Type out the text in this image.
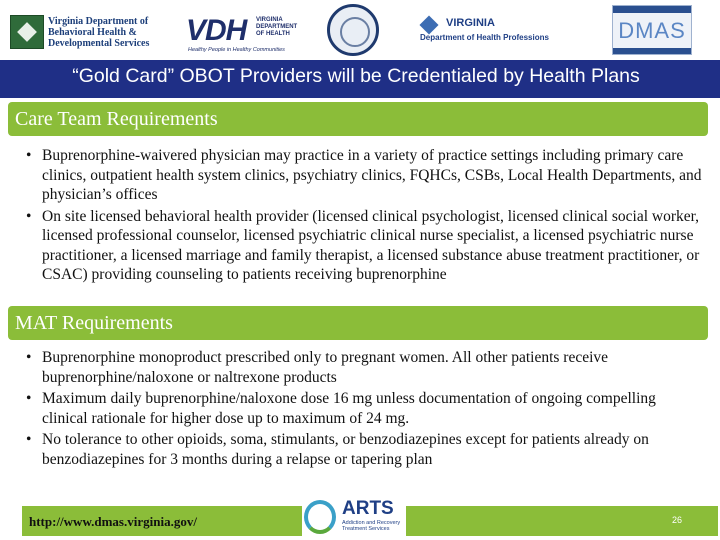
Virginia Department of
Behavioral Health &
Developmental Services VDH VIRGINIA
DEPARTMENT
OF HEALTH
Healthy People in Healthy Communities
VIRGINIA
Department of Health Professions	DMAS
“Gold Card” OBOT Providers will be Credentialed by Health Plans
Care Team Requirements
• Buprenorphine-waivered physician may practice in a variety of practice settings including primary care clinics, outpatient health system clinics, psychiatry clinics, FQHCs, CSBs, Local Health Departments, and physician’s offices
• On site licensed behavioral health provider (licensed clinical psychologist, licensed clinical social worker, licensed professional counselor, licensed psychiatric clinical nurse specialist, a licensed psychiatric nurse practitioner, a licensed marriage and family therapist, a licensed substance abuse treatment practitioner, or CSAC) providing counseling to patients receiving buprenorphine
MAT Requirements
• Buprenorphine monoproduct prescribed only to pregnant women. All other patients receive buprenorphine/naloxone or naltrexone products
• Maximum daily buprenorphine/naloxone dose 16 mg unless documentation of ongoing compelling clinical rationale for higher dose up to maximum of 24 mg.
• No tolerance to other opioids, soma, stimulants, or benzodiazepines except for patients already on benzodiazepines for 3 months during a relapse or tapering plan
http://www.dmas.virginia.gov/
ARTS
Addiction and Recovery Treatment Services
26
